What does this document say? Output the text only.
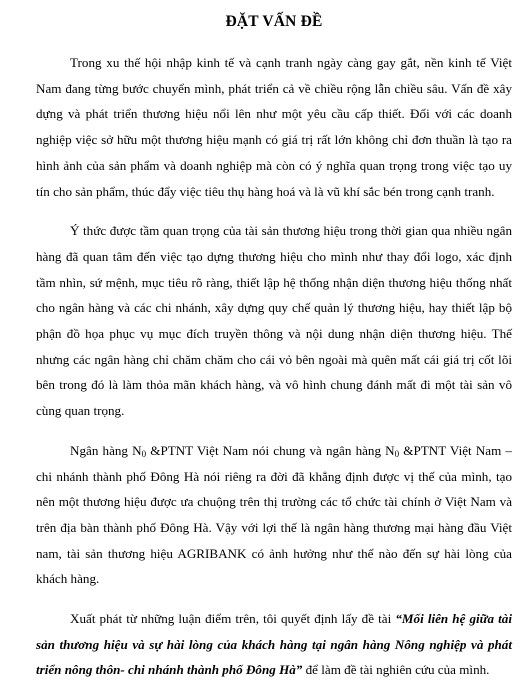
ĐẶT VẤN ĐỀ

Trong xu thế hội nhập kinh tế và cạnh tranh ngày càng gay gắt, nền kinh tế Việt Nam đang từng bước chuyển mình, phát triển cả về chiều rộng lẫn chiều sâu. Vấn đề xây dựng và phát triển thương hiệu nổi lên như một yêu cầu cấp thiết. Đối với các doanh nghiệp việc sở hữu một thương hiệu mạnh có giá trị rất lớn không chỉ đơn thuần là tạo ra hình ảnh của sản phẩm và doanh nghiệp mà còn có ý nghĩa quan trọng trong việc tạo uy tín cho sản phẩm, thúc đẩy việc tiêu thụ hàng hoá và là vũ khí sắc bén trong cạnh tranh.

Ý thức được tầm quan trọng của tài sản thương hiệu trong thời gian qua nhiều ngân hàng đã quan tâm đến việc tạo dựng thương hiệu cho mình như thay đổi logo, xác định tầm nhìn, sứ mệnh, mục tiêu rõ ràng, thiết lập hệ thống nhận diện thương hiệu thống nhất cho ngân hàng và các chi nhánh, xây dựng quy chế quản lý thương hiệu, hay thiết lập bộ phận đồ họa phục vụ mục đích truyền thông và nội dung nhận diện thương hiệu. Thế nhưng các ngân hàng chỉ chăm chăm cho cái vỏ bên ngoài mà quên mất cái giá trị cốt lõi bên trong đó là làm thỏa mãn khách hàng, và vô hình chung đánh mất đi một tài sản vô cùng quan trọng.

Ngân hàng $N_0$ &PTNT Việt Nam nói chung và ngân hàng $N_0$ &PTNT Việt Nam – chi nhánh thành phố Đông Hà nói riêng ra đời đã khẳng định được vị thế của mình, tạo nên một thương hiệu được ưa chuộng trên thị trường các tổ chức tài chính ở Việt Nam và trên địa bàn thành phố Đông Hà. Vậy với lợi thế là ngân hàng thương mại hàng đầu Việt nam, tài sản thương hiệu AGRIBANK có ảnh hưởng như thế nào đến sự hài lòng của khách hàng.

Xuất phát từ những luận điểm trên, tôi quyết định lấy đề tài “Mối liên hệ giữa tài sản thương hiệu và sự hài lòng của khách hàng tại ngân hàng Nông nghiệp và phát triển nông thôn- chi nhánh thành phố Đông Hà” để làm đề tài nghiên cứu của mình.
